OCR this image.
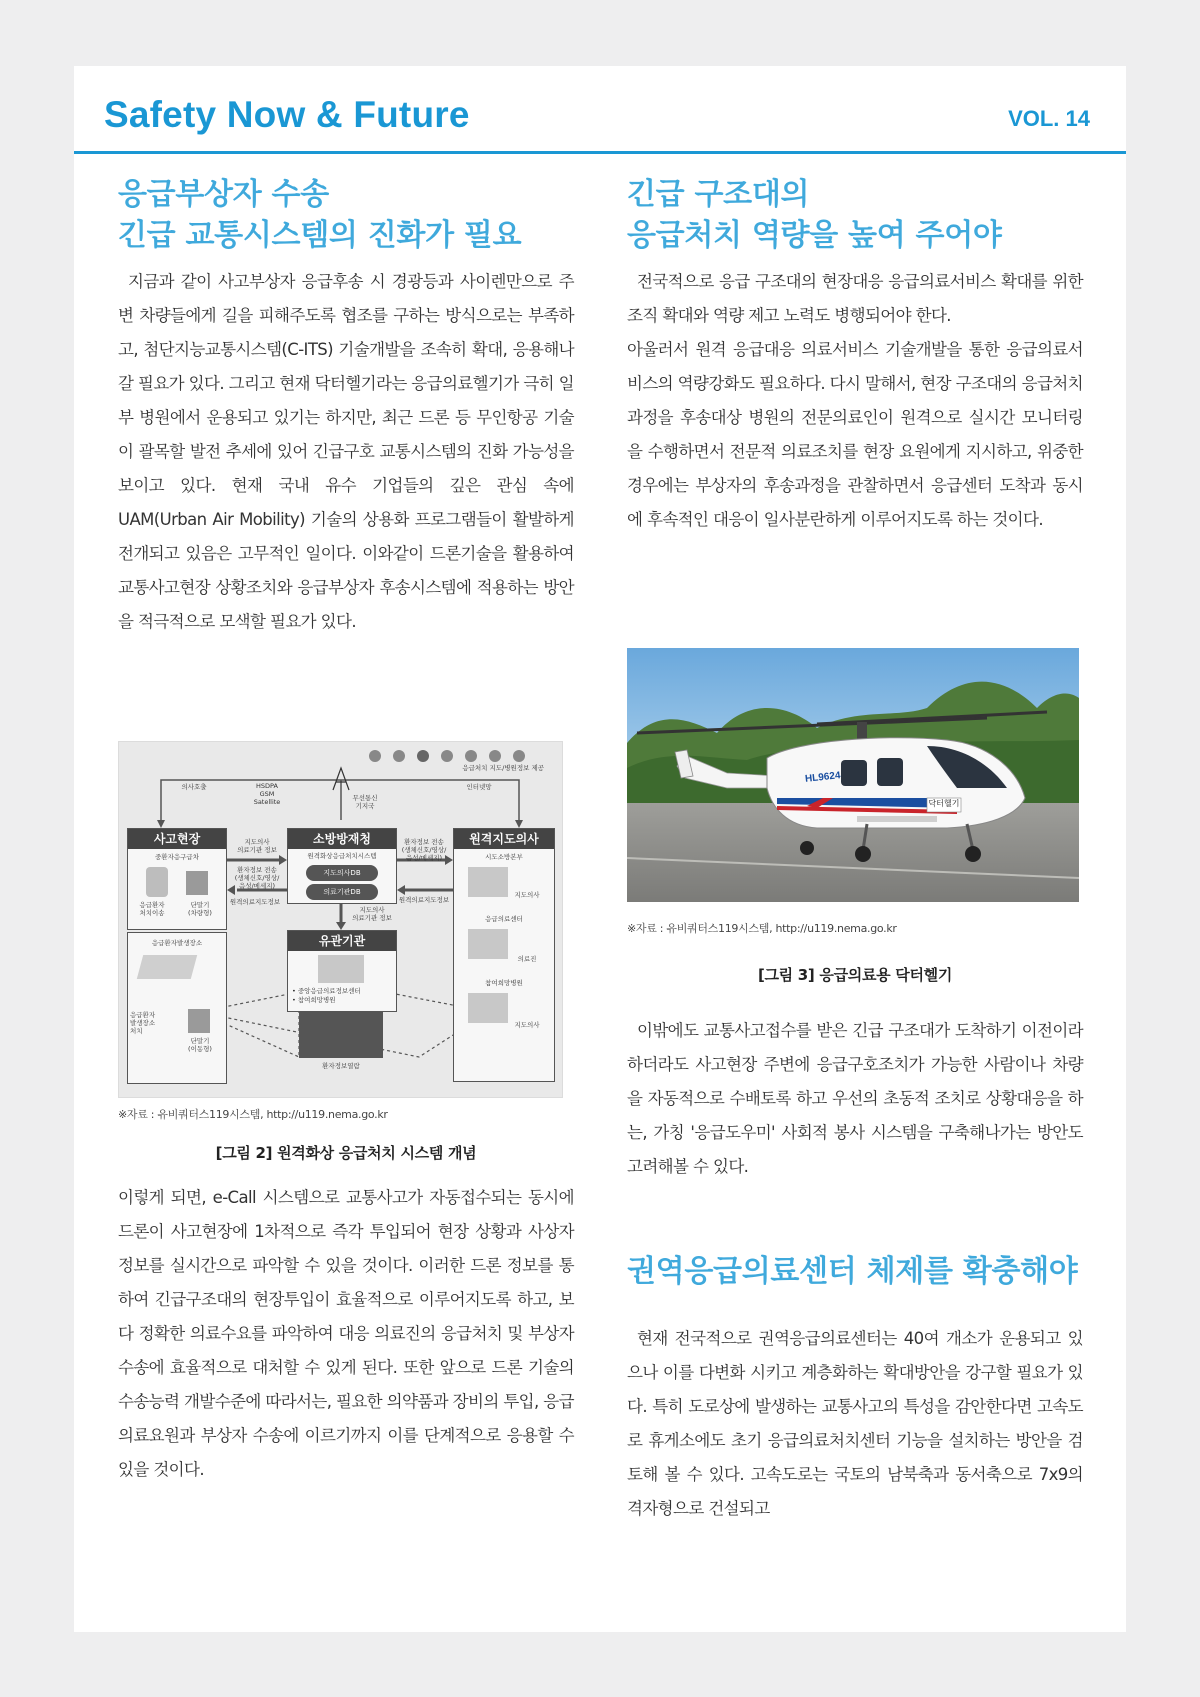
Safety Now & Future	VOL. 14
응급부상자 수송
긴급 교통시스템의 진화가 필요

지금과 같이 사고부상자 응급후송 시 경광등과 사이렌만으로 주변 차량들에게 길을 피해주도록 협조를 구하는 방식으로는 부족하고, 첨단지능교통시스템(C-ITS) 기술개발을 조속히 확대, 응용해나갈 필요가 있다. 그리고 현재 닥터헬기라는 응급의료헬기가 극히 일부 병원에서 운용되고 있기는 하지만, 최근 드론 등 무인항공 기술이 괄목할 발전 추세에 있어 긴급구호 교통시스템의 진화 가능성을 보이고 있다. 현재 국내 유수 기업들의 깊은 관심 속에 UAM(Urban Air Mobility) 기술의 상용화 프로그램들이 활발하게 전개되고 있음은 고무적인 일이다. 이와같이 드론기술을 활용하여 교통사고현장 상황조치와 응급부상자 후송시스템에 적용하는 방안을 적극적으로 모색할 필요가 있다.

응급처치 지도/병원정보 제공
의사호출	HSDPA
GSM
Satellite	무선통신
기지국
인터넷망
사고현장
중환자응구급차
응급환자
처치이송
단말기
(차량형)
응급환자발생장소
응급환자
발생장소
처치
단말기
(이동형)
소방방재청
원격화상응급처치시스템
지도의사DB
의료기관DB
지도의사
의료기관 정보
환자정보 전송
(생체신호/영상/
음성/메세지)
원격의료지도정보
환자정보 전송
(생체신호/영상/
음성/메세지)
원격의료지도정보
지도의사
의료기관 정보
유관기관
• 중앙응급의료정보센터
• 참여희망병원
환자정보열람
원격지도의사
시도소방본부
지도의사
응급의료센터
의료진
참여희망병원
지도의사
※자료 : 유비쿼터스119시스템, http://u119.nema.go.kr
[그림 2] 원격화상 응급처치 시스템 개념

이렇게 되면, e-Call 시스템으로 교통사고가 자동접수되는 동시에 드론이 사고현장에 1차적으로 즉각 투입되어 현장 상황과 사상자 정보를 실시간으로 파악할 수 있을 것이다. 이러한 드론 정보를 통하여 긴급구조대의 현장투입이 효율적으로 이루어지도록 하고, 보다 정확한 의료수요를 파악하여 대응 의료진의 응급처치 및 부상자 수송에 효율적으로 대처할 수 있게 된다. 또한 앞으로 드론 기술의 수송능력 개발수준에 따라서는, 필요한 의약품과 장비의 투입, 응급의료요원과 부상자 수송에 이르기까지 이를 단계적으로 응용할 수 있을 것이다.

긴급 구조대의
응급처치 역량을 높여 주어야

전국적으로 응급 구조대의 현장대응 응급의료서비스 확대를 위한 조직 확대와 역량 제고 노력도 병행되어야 한다.

아울러서 원격 응급대응 의료서비스 기술개발을 통한 응급의료서비스의 역량강화도 필요하다. 다시 말해서, 현장 구조대의 응급처치과정을 후송대상 병원의 전문의료인이 원격으로 실시간 모니터링을 수행하면서 전문적 의료조치를 현장 요원에게 지시하고, 위중한 경우에는 부상자의 후송과정을 관찰하면서 응급센터 도착과 동시에 후속적인 대응이 일사분란하게 이루어지도록 하는 것이다.

HL9624
닥터헬기
※자료 : 유비쿼터스119시스템, http://u119.nema.go.kr
[그림 3] 응급의료용 닥터헬기

이밖에도 교통사고접수를 받은 긴급 구조대가 도착하기 이전이라 하더라도 사고현장 주변에 응급구호조치가 가능한 사람이나 차량을 자동적으로 수배토록 하고 우선의 초동적 조치로 상황대응을 하는, 가칭 '응급도우미' 사회적 봉사 시스템을 구축해나가는 방안도 고려해볼 수 있다.

권역응급의료센터 체제를 확충해야

현재 전국적으로 권역응급의료센터는 40여 개소가 운용되고 있으나 이를 다변화 시키고 계층화하는 확대방안을 강구할 필요가 있다. 특히 도로상에 발생하는 교통사고의 특성을 감안한다면 고속도로 휴게소에도 초기 응급의료처치센터 기능을 설치하는 방안을 검토해 볼 수 있다. 고속도로는 국토의 남북축과 동서축으로 7x9의 격자형으로 건설되고
